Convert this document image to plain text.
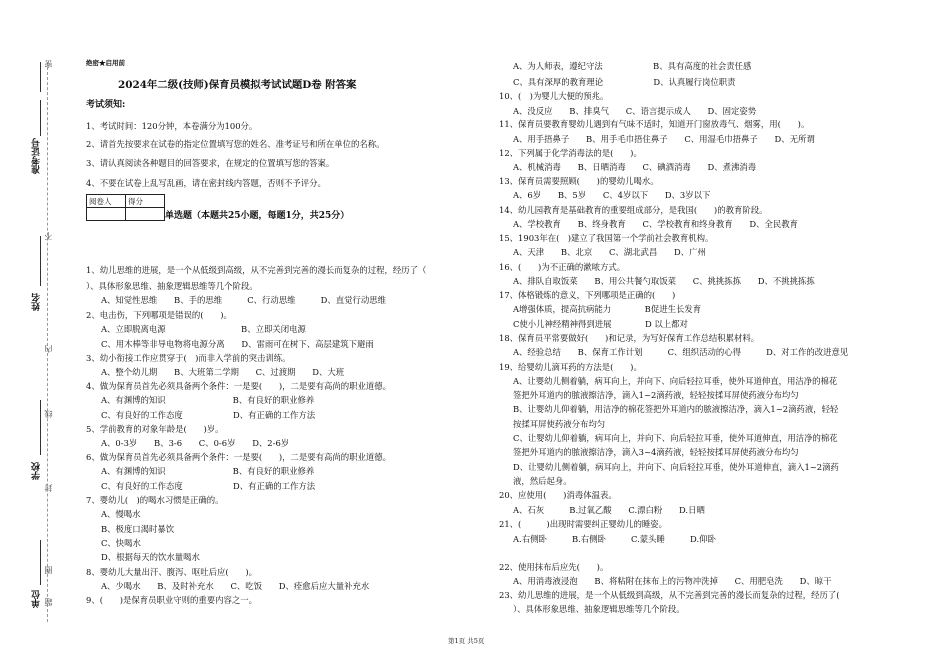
准考证号
姓名
学校
单位
密
不
内
线
封
圈
题
绝密★启用前
2024年二级(技师)保育员模拟考试试题D卷 附答案
考试须知:
1、考试时间：120分钟，本卷满分为100分。
2、请首先按要求在试卷的指定位置填写您的姓名、准考证号和所在单位的名称。
3、请认真阅读各种题目的回答要求，在规定的位置填写您的答案。
4、不要在试卷上乱写乱画，请在密封线内答题，否则不予评分。
阅卷人	得分

单选题（本题共25小题，每题1分，共25分）
1、幼儿思维的进展，是一个从低级到高级，从不完善到完善的漫长而复杂的过程，经历了（
）、具体形象思维、抽象逻辑思维等几个阶段。
A、知觉性思维　　B、手的思维　　　C、行动思维　　　D、直觉行动思维
2、电击伤，下列哪项是错误的(　　)。
A、立即脱离电源　　　　　　　　　B、立即关闭电源
C、用木棒等非导电物将电源分离　　D、雷雨可在树下、高层建筑下避雨
3、幼小衔接工作应贯穿于(　)而非入学前的突击训练。
A、整个幼儿期　　B、大班第二学期　　C、过渡期　　D、大班
4、做为保育员首先必须具备两个条件：一是要(　　)，二是要有高尚的职业道德。
A、有渊博的知识　　　　　　　　B、有良好的职业修养
C、有良好的工作态度　　　　　　D、有正确的工作方法
5、学前教育的对象年龄是(　　)岁。
A、0-3岁　　B、3-6　　C、0-6岁　　D、2-6岁
6、做为保育员首先必须具备两个条件：一是要(　　)，二是要有高尚的职业道德。
A、有渊博的知识　　　　　　　　B、有良好的职业修养
C、有良好的工作态度　　　　　　D、有正确的工作方法
7、婴幼儿(　)的喝水习惯是正确的。
A、慢喝水
B、极度口渴时暴饮
C、快喝水
D、根据每天的饮水量喝水
8、婴幼儿大量出汗、腹泻、呕吐后应(　　)。
A、少喝水　　B、及时补充水　　C、吃饭　　D、痊愈后应大量补充水
9、(　　)是保育员职业守则的重要内容之一。
A、为人师表，遵纪守法　　　　　　B、具有高度的社会责任感
C、具有深厚的教育理论　　　　　　D、认真履行岗位职责
10、(　)为婴儿大便的预兆。
A、没反应　　B、排臭气　　C、语言提示成人　　D、固定姿势
11、保育员要教育婴幼儿遇到有气味不适时，知道开门窗放毒气、烟雾，用(　　)。
A、用手捂鼻子　　B、用手毛巾捂住鼻子　　C、用湿毛巾捂鼻子　　D、无所谓
12、下列属于化学消毒法的是(　　)。
A、机械消毒　　B、日晒消毒　　C、碘酒消毒　　D、煮沸消毒
13、保育员需要照顾(　　)的婴幼儿喝水。
A、6岁　　B、5岁　　C、4岁以下　　D、3岁以下
14、幼儿园教育是基础教育的重要组成部分，是我国(　　)的教育阶段。
A、学校教育　　B、终身教育　　C、学校教育和终身教育　　D、全民教育
15、1903年在(　)建立了我国第一个学前社会教育机构。
A、天津　　B、北京　　C、湖北武昌　　D、广州
16、(　　)为不正确的漱哝方式。
A、排队自取饭菜　　B、用公共餐勺取饭菜　　C、挑挑拣拣　　D、不挑挑拣拣
17、体格锻炼的意义，下列哪项是正确的(　　)
A增强体质，提高抗病能力　　　　B促进生长发育
C使小儿神经精神得到进展　　　　D 以上都对
18、保育员平常要做好(　　)和记录，为写好保育工作总结积累材料。
A、经验总结　　B、保育工作计划　　　C、组织活动的心得　　　D、对工作的改进意见
19、给婴幼儿滴耳药的方法是(　　)。
A、让婴幼儿侧着躺，病耳向上，并向下、向后轻拉耳垂，使外耳道伸直，用洁净的棉花
签把外耳道内的脓液擦洁净，滴入1~2滴药液，轻轻按揉耳屏使药液分布均匀
B、让婴幼儿仰着躺，用洁净的棉花签把外耳道内的脓液擦洁净，滴入1~2滴药液，轻轻
按揉耳屏使药液分布均匀
C、让婴幼儿仰着躺，病耳向上，并向下、向后轻拉耳垂，使外耳道伸直，用洁净的棉花
签把外耳道内的脓液擦洁净，滴入3~4滴药液，轻轻按揉耳屏使药液分布均匀
D、让婴幼儿侧着躺，病耳向上，并向下、向后轻拉耳垂，使外耳道伸直，滴入1~2滴药
液，然后起身。
20、应使用(　　)消毒体温表。
A、石灰　　　B.过氧乙酸　　C.漂白粉　　D.日晒
21、(　　　)出现时需要纠正婴幼儿的睡姿。
A.右侧卧　　　B.右侧卧　　　C.蒙头睡　　　D.仰卧
22、使用抹布后应先(　　)。
A、用消毒液浸泡　　B、将粘附在抹布上的污物冲洗掉　　C、用肥皂洗　　D、晾干
23、幼儿思维的进展，是一个从低级到高级，从不完善到完善的漫长而复杂的过程，经历了(
）、具体形象思维、抽象逻辑思维等几个阶段。
第1页 共5页
